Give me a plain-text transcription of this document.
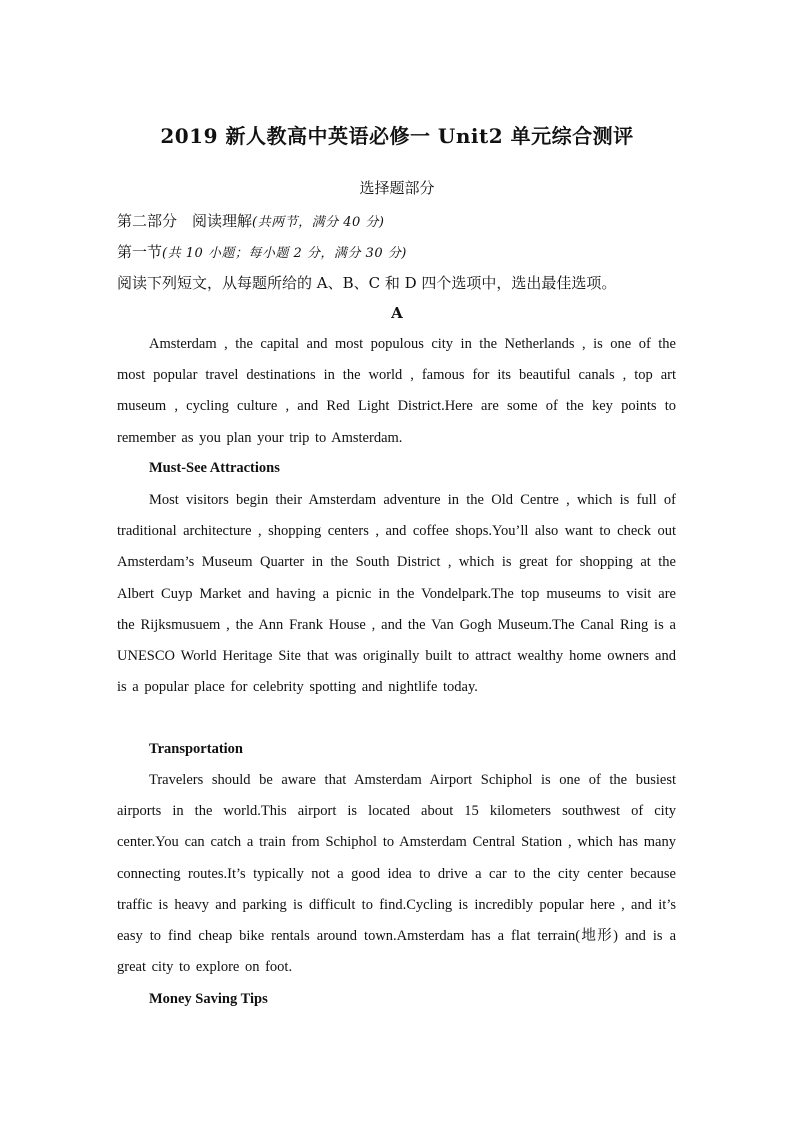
2019 新人教高中英语必修一 Unit2 单元综合测评
选择题部分
第二部分　阅读理解(共两节，满分 40 分)
第一节(共 10 小题；每小题 2 分，满分 30 分)
阅读下列短文，从每题所给的 A、B、C 和 D 四个选项中，选出最佳选项。
A

Amsterdam , the capital and most populous city in the Netherlands , is one of the most popular travel destinations in the world , famous for its beautiful canals , top art museum , cycling culture , and Red Light District.Here are some of the key points to remember as you plan your trip to Amsterdam.

Must-See Attractions

Most visitors begin their Amsterdam adventure in the Old Centre , which is full of traditional architecture , shopping centers , and coffee shops.You’ll also want to check out Amsterdam’s Museum Quarter in the South District , which is great for shopping at the Albert Cuyp Market and having a picnic in the Vondelpark.The top museums to visit are the Rijksmusuem , the Ann Frank House , and the Van Gogh Museum.The Canal Ring is a UNESCO World Heritage Site that was originally built to attract wealthy home owners and is a popular place for celebrity spotting and nightlife today.

Transportation

Travelers should be aware that Amsterdam Airport Schiphol is one of the busiest airports in the world.This airport is located about 15 kilometers southwest of city center.You can catch a train from Schiphol to Amsterdam Central Station , which has many connecting routes.It’s typically not a good idea to drive a car to the city center because traffic is heavy and parking is difficult to find.Cycling is incredibly popular here , and it’s easy to find cheap bike rentals around town.Amsterdam has a flat terrain(地形) and is a great city to explore on foot.

Money Saving Tips
